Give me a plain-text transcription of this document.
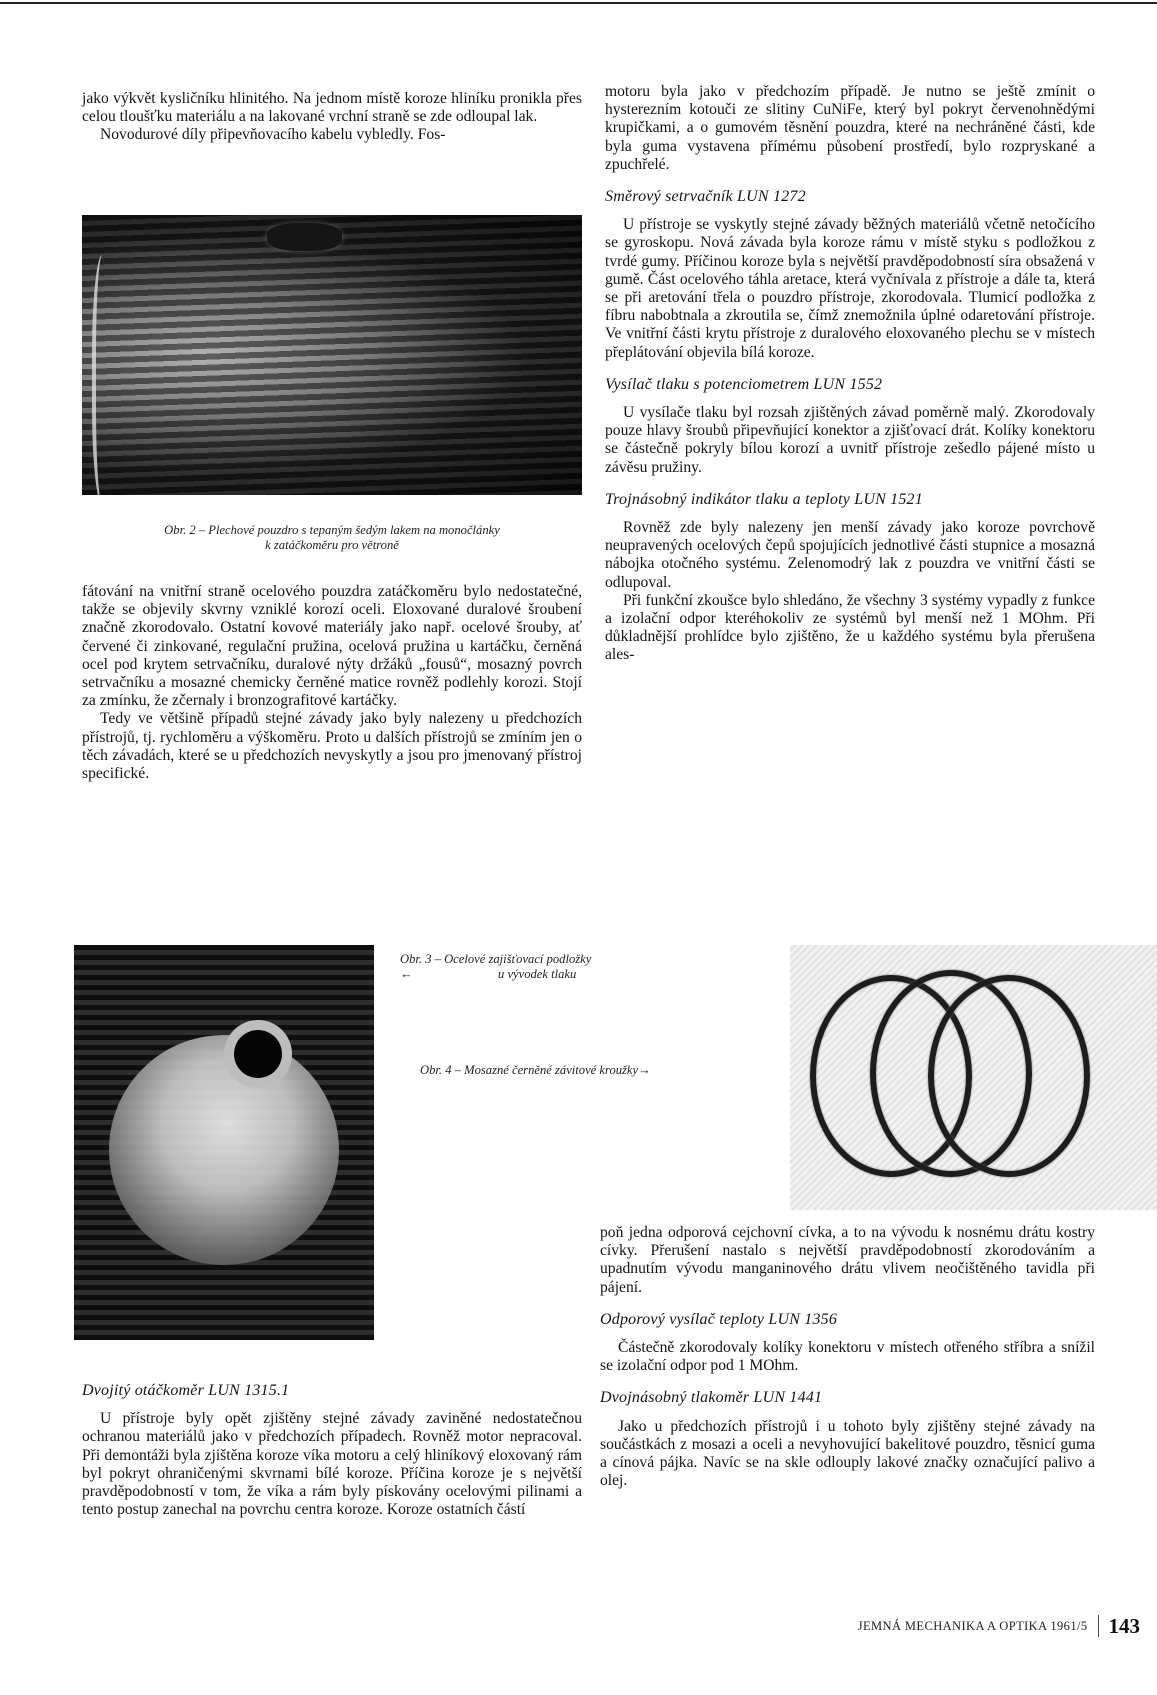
jako výkvět kysličníku hlinitého. Na jednom místě koroze hliníku pronikla přes celou tloušťku materiálu a na lakované vrchní straně se zde odloupal lak.

Novodurové díly připevňovacího kabelu vybledly. Fos-

Obr. 2 – Plechové pouzdro s tepaným šedým lakem na monočlánky
k zatáčkoměru pro větroně

fátování na vnitřní straně ocelového pouzdra zatáčkoměru bylo nedostatečné, takže se objevily skvrny vzniklé korozí oceli. Eloxované duralové šroubení značně zkorodovalo. Ostatní kovové materiály jako např. ocelové šrouby, ať červené či zinkované, regulační pružina, ocelová pružina u kartáčku, černěná ocel pod krytem setrvačníku, duralové nýty držáků „fousů“, mosazný povrch setrvačníku a mosazné chemicky černěné matice rovněž podlehly korozi. Stojí za zmínku, že zčernaly i bronzografitové kartáčky.

Tedy ve většině případů stejné závady jako byly nalezeny u předchozích přístrojů, tj. rychloměru a výškoměru. Proto u dalších přístrojů se zmíním jen o těch závadách, které se u předchozích nevyskytly a jsou pro jmenovaný přístroj specifické.

motoru byla jako v předchozím případě. Je nutno se ještě zmínit o hysterezním kotouči ze slitiny CuNiFe, který byl pokryt červenohnědými krupičkami, a o gumovém těsnění pouzdra, které na nechráněné části, kde byla guma vystavena přímému působení prostředí, bylo rozpryskané a zpuchřelé.

Směrový setrvačník LUN 1272

U přístroje se vyskytly stejné závady běžných materiálů včetně netočícího se gyroskopu. Nová závada byla koroze rámu v místě styku s podložkou z tvrdé gumy. Příčinou koroze byla s největší pravděpodobností síra obsažená v gumě. Část ocelového táhla aretace, která vyčnívala z přístroje a dále ta, která se při aretování třela o pouzdro přístroje, zkorodovala. Tlumicí podložka z fíbru nabobtnala a zkroutila se, čímž znemožnila úplné odaretování přístroje. Ve vnitřní části krytu přístroje z duralového eloxovaného plechu se v místech přeplátování objevila bílá koroze.

Vysílač tlaku s potenciometrem LUN 1552

U vysílače tlaku byl rozsah zjištěných závad poměrně malý. Zkorodovaly pouze hlavy šroubů připevňující konektor a zjišťovací drát. Kolíky konektoru se částečně pokryly bílou korozí a uvnitř přístroje zešedlo pájené místo u závěsu pružiny.

Trojnásobný indikátor tlaku a teploty LUN 1521

Rovněž zde byly nalezeny jen menší závady jako koroze povrchově neupravených ocelových čepů spojujících jednotlivé části stupnice a mosazná nábojka otočného systému. Zelenomodrý lak z pouzdra ve vnitřní části se odlupoval.

Při funkční zkoušce bylo shledáno, že všechny 3 systémy vypadly z funkce a izolační odpor kteréhokoliv ze systémů byl menší než 1 MOhm. Při důkladnější prohlídce bylo zjištěno, že u každého systému byla přerušena ales-

Obr. 3 – Ocelové zajišťovací podložky
←	u vývodek tlaku
Obr. 4 – Mosazné černěné závitové kroužky→

Dvojitý otáčkoměr LUN 1315.1

U přístroje byly opět zjištěny stejné závady zaviněné nedostatečnou ochranou materiálů jako v předchozích případech. Rovněž motor nepracoval. Při demontáži byla zjištěna koroze víka motoru a celý hliníkový eloxovaný rám byl pokryt ohraničenými skvrnami bílé koroze. Příčina koroze je s největší pravděpodobností v tom, že víka a rám byly pískovány ocelovými pilinami a tento postup zanechal na povrchu centra koroze. Koroze ostatních částí

poň jedna odporová cejchovní cívka, a to na vývodu k nosnému drátu kostry cívky. Přerušení nastalo s největší pravděpodobností zkorodováním a upadnutím vývodu manganinového drátu vlivem neočištěného tavidla při pájení.

Odporový vysílač teploty LUN 1356

Částečně zkorodovaly kolíky konektoru v místech otřeného stříbra a snížil se izolační odpor pod 1 MOhm.

Dvojnásobný tlakoměr LUN 1441

Jako u předchozích přístrojů i u tohoto byly zjištěny stejné závady na součástkách z mosazi a oceli a nevyhovující bakelitové pouzdro, těsnicí guma a cínová pájka. Navíc se na skle odlouply lakové značky označující palivo a olej.

JEMNÁ MECHANIKA A OPTIKA 1961/5 143
